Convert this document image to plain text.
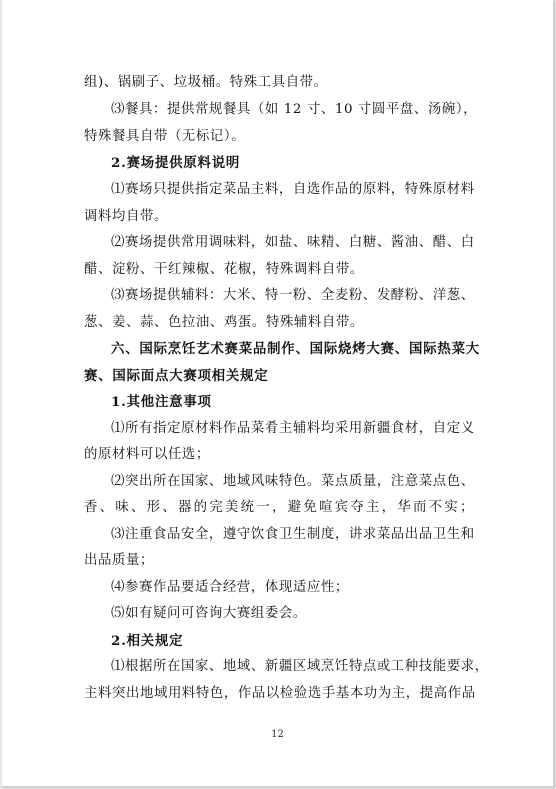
组)、锅刷子、垃圾桶。特殊工具自带。
⑶餐具：提供常规餐具（如 12 寸、10 寸圆平盘、汤碗），
特殊餐具自带（无标记）。
2.赛场提供原料说明
⑴赛场只提供指定菜品主料，自选作品的原料，特殊原材料
调料均自带。
⑵赛场提供常用调味料，如盐、味精、白糖、酱油、醋、白
醋、淀粉、干红辣椒、花椒，特殊调料自带。
⑶赛场提供辅料：大米、特一粉、全麦粉、发酵粉、洋葱、
葱、姜、蒜、色拉油、鸡蛋。特殊辅料自带。
六、国际烹饪艺术赛菜品制作、国际烧烤大赛、国际热菜大
赛、国际面点大赛项相关规定
1.其他注意事项
⑴所有指定原材料作品菜肴主辅料均采用新疆食材，自定义
的原材料可以任选；
⑵突出所在国家、地域风味特色。菜点质量，注意菜点色、
香、味、形、器的完美统一，避免喧宾夺主，华而不实；
⑶注重食品安全，遵守饮食卫生制度，讲求菜品出品卫生和
出品质量；
⑷参赛作品要适合经营，体现适应性；
⑸如有疑问可咨询大赛组委会。
2.相关规定
⑴根据所在国家、地域、新疆区域烹饪特点或工种技能要求，
主料突出地域用料特色，作品以检验选手基本功为主，提高作品
12
